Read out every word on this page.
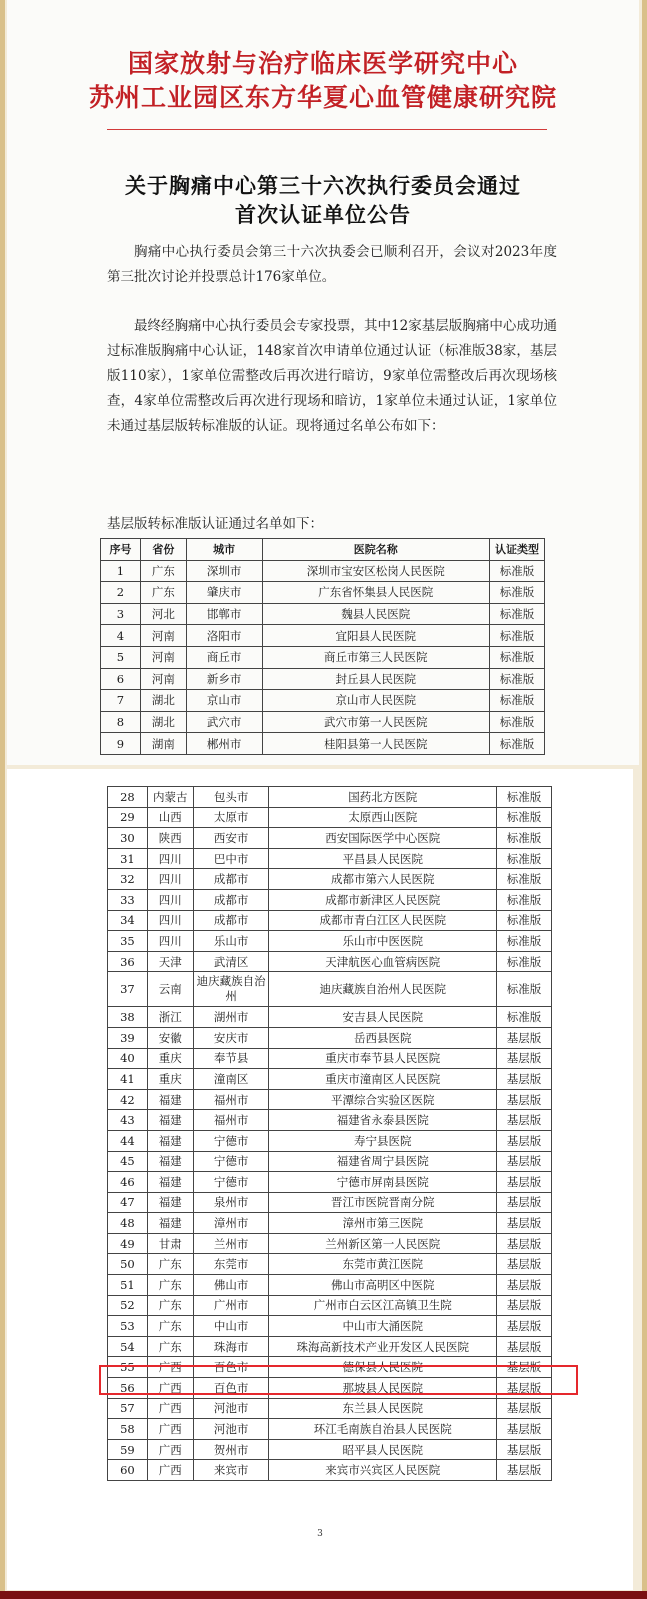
国家放射与治疗临床医学研究中心
苏州工业园区东方华夏心血管健康研究院
关于胸痛中心第三十六次执行委员会通过
首次认证单位公告
胸痛中心执行委员会第三十六次执委会已顺利召开，会议对2023年度第三批次讨论并投票总计176家单位。
最终经胸痛中心执行委员会专家投票，其中12家基层版胸痛中心成功通过标准版胸痛中心认证，148家首次申请单位通过认证（标准版38家，基层版110家），1家单位需整改后再次进行暗访，9家单位需整改后再次现场核查，4家单位需整改后再次进行现场和暗访，1家单位未通过认证，1家单位未通过基层版转标准版的认证。现将通过名单公布如下：
基层版转标准版认证通过名单如下：
序号	省份	城市	医院名称	认证类型
1	广东	深圳市	深圳市宝安区松岗人民医院	标准版
2	广东	肇庆市	广东省怀集县人民医院	标准版
3	河北	邯郸市	魏县人民医院	标准版
4	河南	洛阳市	宜阳县人民医院	标准版
5	河南	商丘市	商丘市第三人民医院	标准版
6	河南	新乡市	封丘县人民医院	标准版
7	湖北	京山市	京山市人民医院	标准版
8	湖北	武穴市	武穴市第一人民医院	标准版
9	湖南	郴州市	桂阳县第一人民医院	标准版
28	内蒙古	包头市	国药北方医院	标准版
29	山西	太原市	太原西山医院	标准版
30	陕西	西安市	西安国际医学中心医院	标准版
31	四川	巴中市	平昌县人民医院	标准版
32	四川	成都市	成都市第六人民医院	标准版
33	四川	成都市	成都市新津区人民医院	标准版
34	四川	成都市	成都市青白江区人民医院	标准版
35	四川	乐山市	乐山市中医医院	标准版
36	天津	武清区	天津航医心血管病医院	标准版
37	云南	迪庆藏族自治州	迪庆藏族自治州人民医院	标准版
38	浙江	湖州市	安吉县人民医院	标准版
39	安徽	安庆市	岳西县医院	基层版
40	重庆	奉节县	重庆市奉节县人民医院	基层版
41	重庆	潼南区	重庆市潼南区人民医院	基层版
42	福建	福州市	平潭综合实验区医院	基层版
43	福建	福州市	福建省永泰县医院	基层版
44	福建	宁德市	寿宁县医院	基层版
45	福建	宁德市	福建省周宁县医院	基层版
46	福建	宁德市	宁德市屏南县医院	基层版
47	福建	泉州市	晋江市医院晋南分院	基层版
48	福建	漳州市	漳州市第三医院	基层版
49	甘肃	兰州市	兰州新区第一人民医院	基层版
50	广东	东莞市	东莞市黄江医院	基层版
51	广东	佛山市	佛山市高明区中医院	基层版
52	广东	广州市	广州市白云区江高镇卫生院	基层版
53	广东	中山市	中山市大涌医院	基层版
54	广东	珠海市	珠海高新技术产业开发区人民医院	基层版
55	广西	百色市	德保县人民医院	基层版
56	广西	百色市	那坡县人民医院	基层版
57	广西	河池市	东兰县人民医院	基层版
58	广西	河池市	环江毛南族自治县人民医院	基层版
59	广西	贺州市	昭平县人民医院	基层版
60	广西	来宾市	来宾市兴宾区人民医院	基层版
3
